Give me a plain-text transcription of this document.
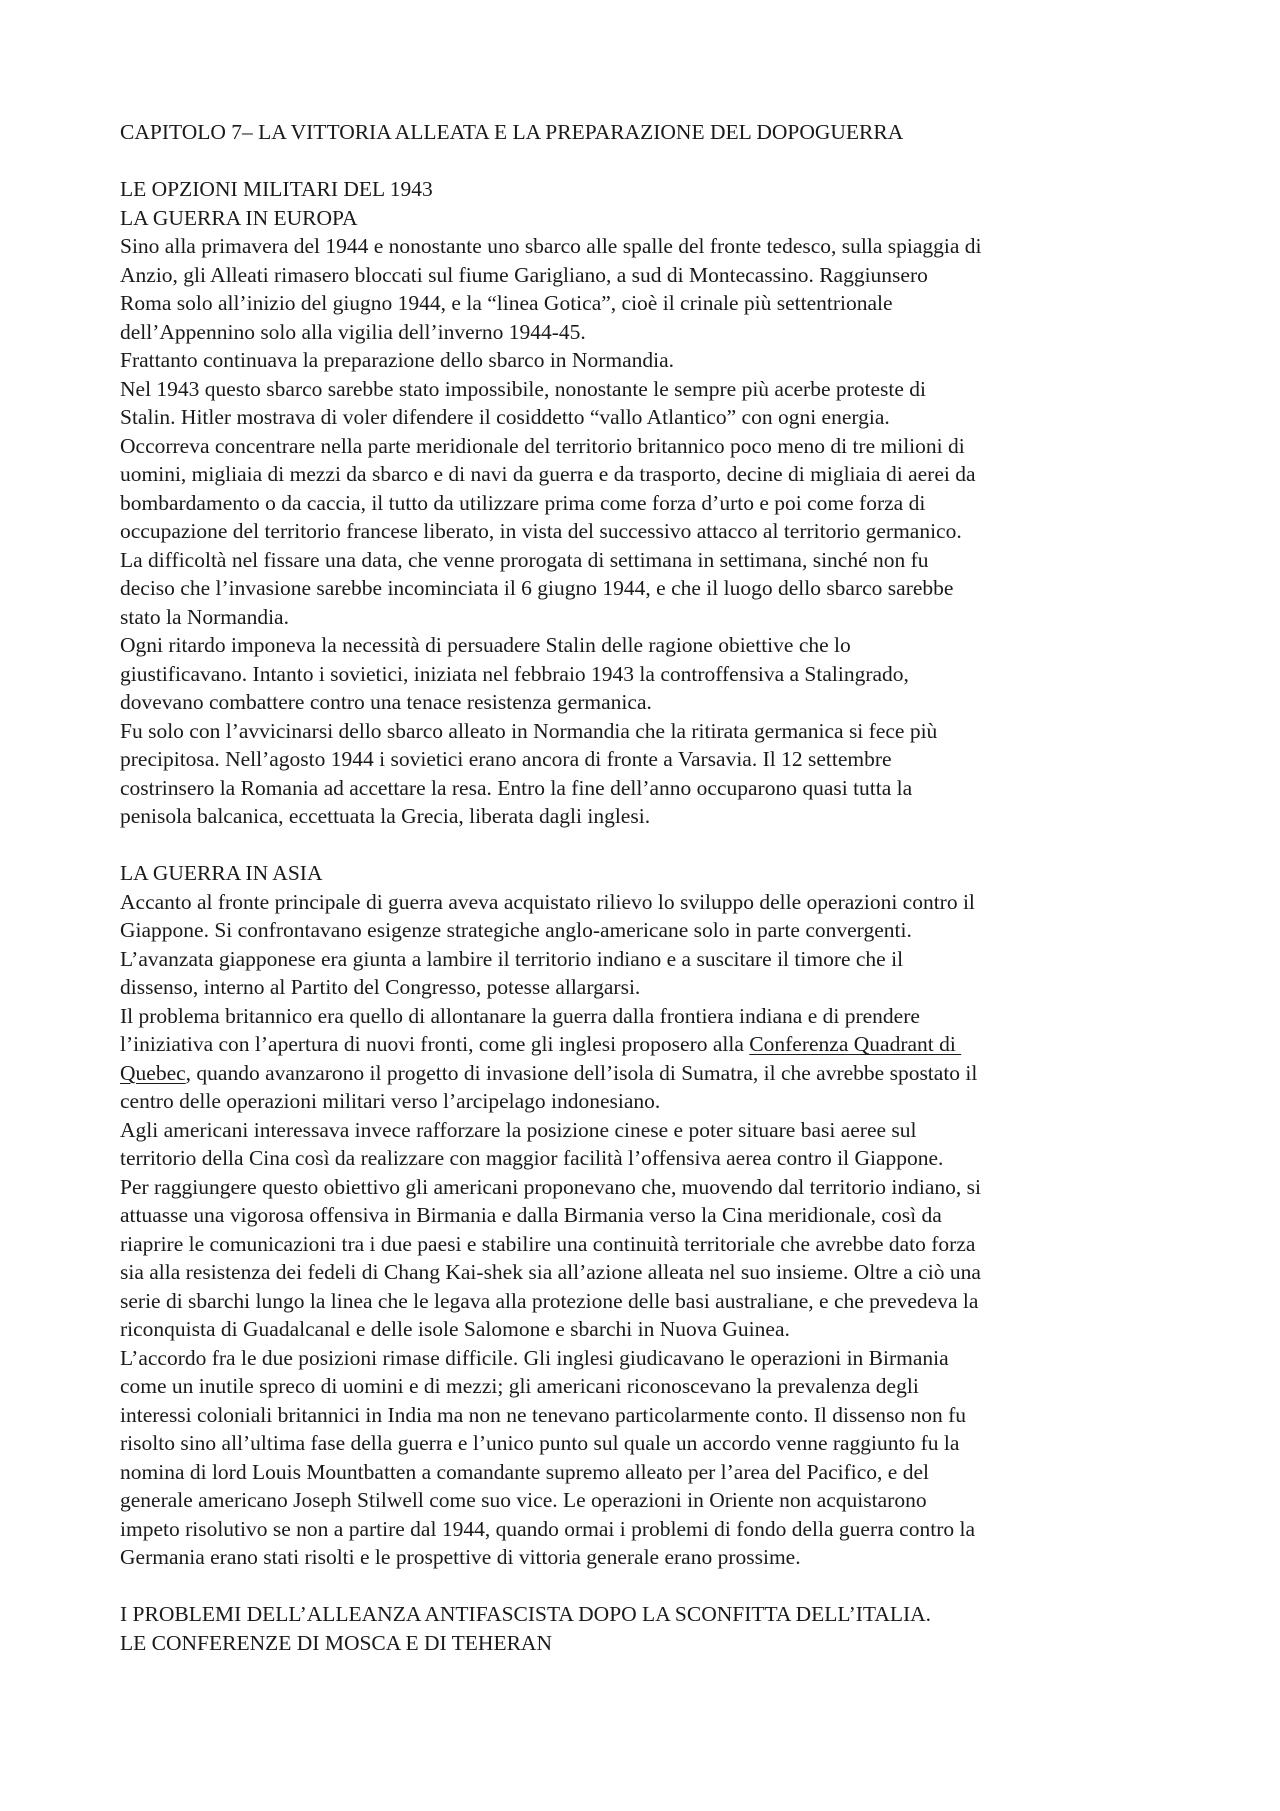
CAPITOLO 7– LA VITTORIA ALLEATA E LA PREPARAZIONE DEL DOPOGUERRA
LE OPZIONI MILITARI DEL 1943
LA GUERRA IN EUROPA
Sino alla primavera del 1944 e nonostante uno sbarco alle spalle del fronte tedesco, sulla spiaggia di
Anzio, gli Alleati rimasero bloccati sul fiume Garigliano, a sud di Montecassino. Raggiunsero
Roma solo all’inizio del giugno 1944, e la “linea Gotica”, cioè il crinale più settentrionale
dell’Appennino solo alla vigilia dell’inverno 1944-45.
Frattanto continuava la preparazione dello sbarco in Normandia.
Nel 1943 questo sbarco sarebbe stato impossibile, nonostante le sempre più acerbe proteste di
Stalin. Hitler mostrava di voler difendere il cosiddetto “vallo Atlantico” con ogni energia.
Occorreva concentrare nella parte meridionale del territorio britannico poco meno di tre milioni di
uomini, migliaia di mezzi da sbarco e di navi da guerra e da trasporto, decine di migliaia di aerei da
bombardamento o da caccia, il tutto da utilizzare prima come forza d’urto e poi come forza di
occupazione del territorio francese liberato, in vista del successivo attacco al territorio germanico.
La difficoltà nel fissare una data, che venne prorogata di settimana in settimana, sinché non fu
deciso che l’invasione sarebbe incominciata il 6 giugno 1944, e che il luogo dello sbarco sarebbe
stato la Normandia.
Ogni ritardo imponeva la necessità di persuadere Stalin delle ragione obiettive che lo
giustificavano. Intanto i sovietici, iniziata nel febbraio 1943 la controffensiva a Stalingrado,
dovevano combattere contro una tenace resistenza germanica.
Fu solo con l’avvicinarsi dello sbarco alleato in Normandia che la ritirata germanica si fece più
precipitosa. Nell’agosto 1944 i sovietici erano ancora di fronte a Varsavia. Il 12 settembre
costrinsero la Romania ad accettare la resa. Entro la fine dell’anno occuparono quasi tutta la
penisola balcanica, eccettuata la Grecia, liberata dagli inglesi.
LA GUERRA IN ASIA
Accanto al fronte principale di guerra aveva acquistato rilievo lo sviluppo delle operazioni contro il
Giappone. Si confrontavano esigenze strategiche anglo-americane solo in parte convergenti.
L’avanzata giapponese era giunta a lambire il territorio indiano e a suscitare il timore che il
dissenso, interno al Partito del Congresso, potesse allargarsi.
Il problema britannico era quello di allontanare la guerra dalla frontiera indiana e di prendere
l’iniziativa con l’apertura di nuovi fronti, come gli inglesi proposero alla Conferenza Quadrant di
Quebec, quando avanzarono il progetto di invasione dell’isola di Sumatra, il che avrebbe spostato il
centro delle operazioni militari verso l’arcipelago indonesiano.
Agli americani interessava invece rafforzare la posizione cinese e poter situare basi aeree sul
territorio della Cina così da realizzare con maggior facilità l’offensiva aerea contro il Giappone.
Per raggiungere questo obiettivo gli americani proponevano che, muovendo dal territorio indiano, si
attuasse una vigorosa offensiva in Birmania e dalla Birmania verso la Cina meridionale, così da
riaprire le comunicazioni tra i due paesi e stabilire una continuità territoriale che avrebbe dato forza
sia alla resistenza dei fedeli di Chang Kai-shek sia all’azione alleata nel suo insieme. Oltre a ciò una
serie di sbarchi lungo la linea che le legava alla protezione delle basi australiane, e che prevedeva la
riconquista di Guadalcanal e delle isole Salomone e sbarchi in Nuova Guinea.
L’accordo fra le due posizioni rimase difficile. Gli inglesi giudicavano le operazioni in Birmania
come un inutile spreco di uomini e di mezzi; gli americani riconoscevano la prevalenza degli
interessi coloniali britannici in India ma non ne tenevano particolarmente conto. Il dissenso non fu
risolto sino all’ultima fase della guerra e l’unico punto sul quale un accordo venne raggiunto fu la
nomina di lord Louis Mountbatten a comandante supremo alleato per l’area del Pacifico, e del
generale americano Joseph Stilwell come suo vice. Le operazioni in Oriente non acquistarono
impeto risolutivo se non a partire dal 1944, quando ormai i problemi di fondo della guerra contro la
Germania erano stati risolti e le prospettive di vittoria generale erano prossime.
I PROBLEMI DELL’ALLEANZA ANTIFASCISTA DOPO LA SCONFITTA DELL’ITALIA.
LE CONFERENZE DI MOSCA E DI TEHERAN
